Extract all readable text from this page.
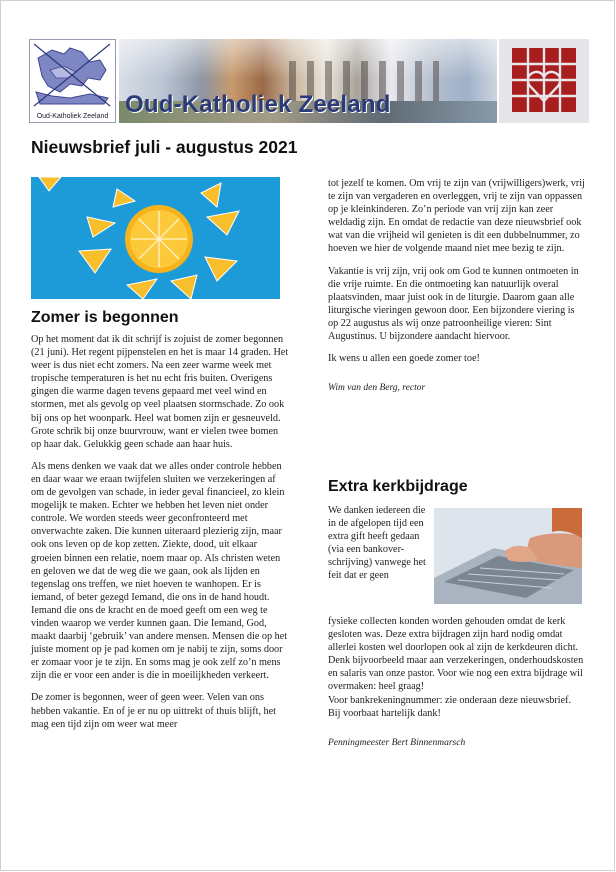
Oud-Katholiek Zeeland Oud-Katholiek Zeeland
Nieuwsbrief juli - augustus 2021
Zomer is begonnen

Op het moment dat ik dit schrijf is zojuist de zomer begonnen (21 juni). Het regent pijpenstelen en het is maar 14 graden. Het weer is dus niet echt zomers. Na een zeer warme week met tropische temperaturen is het nu echt fris buiten. Overigens gingen die warme dagen tevens gepaard met veel wind en stormen, met als gevolg op veel plaatsen stormschade. Zo ook bij ons op het woonpark. Heel wat bomen zijn er gesneuveld. Grote schrik bij onze buurvrouw, want er vielen twee bomen op haar dak. Gelukkig geen schade aan haar huis.

Als mens denken we vaak dat we alles onder controle hebben en daar waar we eraan twijfelen sluiten we verzekeringen af om de gevolgen van schade, in ieder geval financieel, zo klein mogelijk te maken. Echter we hebben het leven niet onder controle. We worden steeds weer geconfronteerd met onverwachte zaken. Die kunnen uiteraard plezierig zijn, maar ook ons leven op de kop zetten. Ziekte, dood, uit elkaar groeien binnen een relatie, noem maar op. Als christen weten en geloven we dat de weg die we gaan, ook als lijden en tegenslag ons treffen, we niet hoeven te wanhopen. Er is iemand, of beter gezegd Iemand, die ons in de hand houdt. Iemand die ons de kracht en de moed geeft om een weg te vinden waarop we verder kunnen gaan. Die Iemand, God, maakt daarbij ‘gebruik’ van andere mensen. Mensen die op het juiste moment op je pad komen om je nabij te zijn, soms door er zomaar voor je te zijn. En soms mag je ook zelf zo’n mens zijn die er voor een ander is die in moeilijkheden verkeert.

De zomer is begonnen, weer of geen weer. Velen van ons hebben vakantie. En of je er nu op uittrekt of thuis blijft, het mag een tijd zijn om weer wat meer

tot jezelf te komen. Om vrij te zijn van (vrijwilligers)werk, vrij te zijn van vergaderen en overleggen, vrij te zijn van oppassen op je kleinkinderen. Zo’n periode van vrij zijn kan zeer weldadig zijn. En omdat de redactie van deze nieuwsbrief ook wat van die vrijheid wil genieten is dit een dubbelnummer, zo hoeven we hier de volgende maand niet mee bezig te zijn.

Vakantie is vrij zijn, vrij ook om God te kunnen ontmoeten in die vrije ruimte. En die ontmoeting kan natuurlijk overal plaatsvinden, maar juist ook in de liturgie. Daarom gaan alle liturgische vieringen gewoon door. Een bijzondere viering is op 22 augustus als wij onze patroonheilige vieren: Sint Augustinus. U bijzondere aandacht hiervoor.

Ik wens u allen een goede zomer toe!

Wim van den Berg, rector

Extra kerkbijdrage
We danken iedereen die in de afgelopen tijd een extra gift heeft gedaan (via een bankover-schrijving) vanwege het feit dat er geen

fysieke collecten konden worden gehouden omdat de kerk gesloten was. Deze extra bijdragen zijn hard nodig omdat allerlei kosten wel doorlopen ook al zijn de kerkdeuren dicht. Denk bijvoorbeeld maar aan verzekeringen, onderhoudskosten en salaris van onze pastor. Voor wie nog een extra bijdrage wil overmaken: heel graag!

Voor bankrekeningnummer: zie onderaan deze nieuwsbrief. Bij voorbaat hartelijk dank!

Penningmeester Bert Binnenmarsch
